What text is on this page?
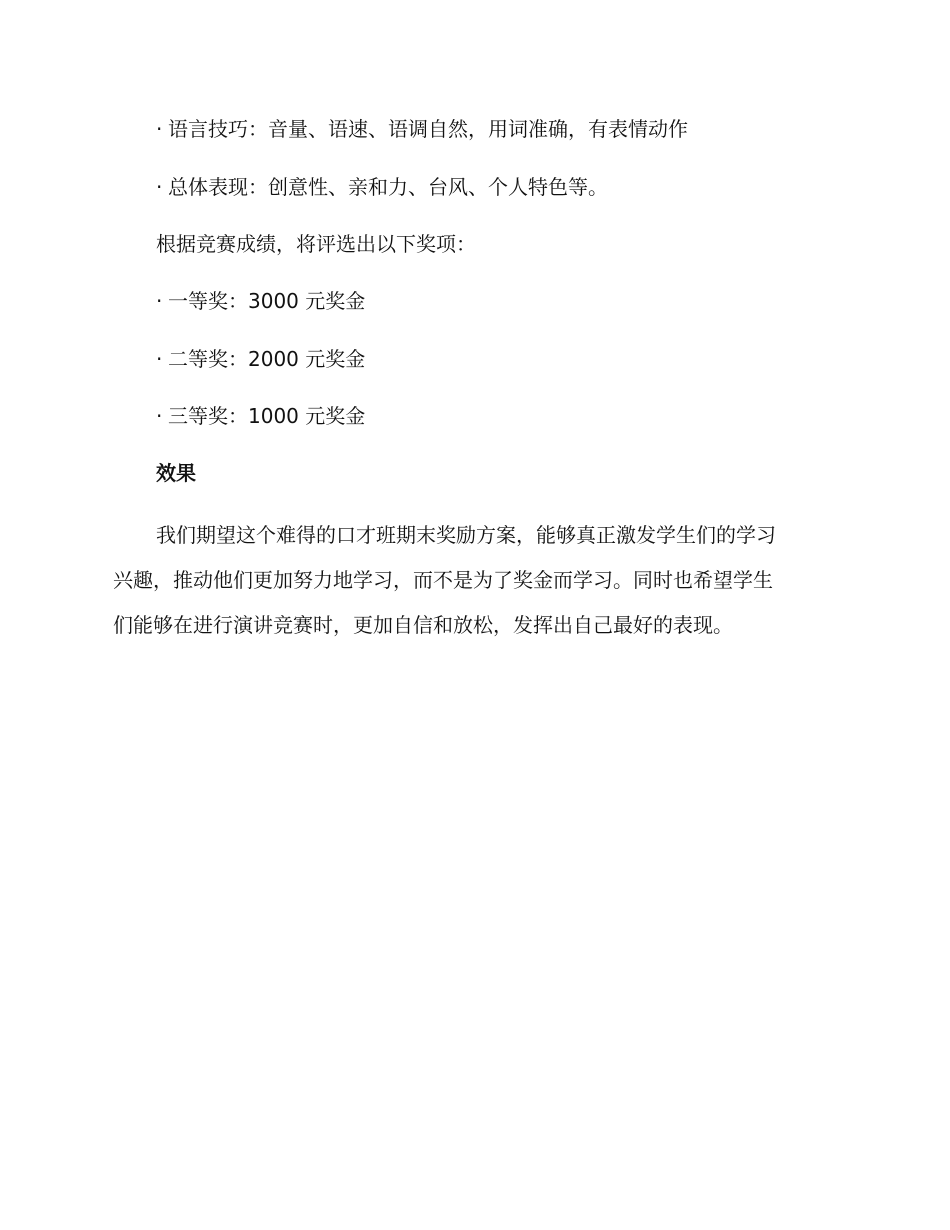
· 语言技巧：音量、语速、语调自然，用词准确，有表情动作
· 总体表现：创意性、亲和力、台风、个人特色等。
根据竞赛成绩，将评选出以下奖项：
· 一等奖：3000 元奖金
· 二等奖：2000 元奖金
· 三等奖：1000 元奖金
效果
我们期望这个难得的口才班期末奖励方案，能够真正激发学生们的学习
兴趣，推动他们更加努力地学习，而不是为了奖金而学习。同时也希望学生
们能够在进行演讲竞赛时，更加自信和放松，发挥出自己最好的表现。
